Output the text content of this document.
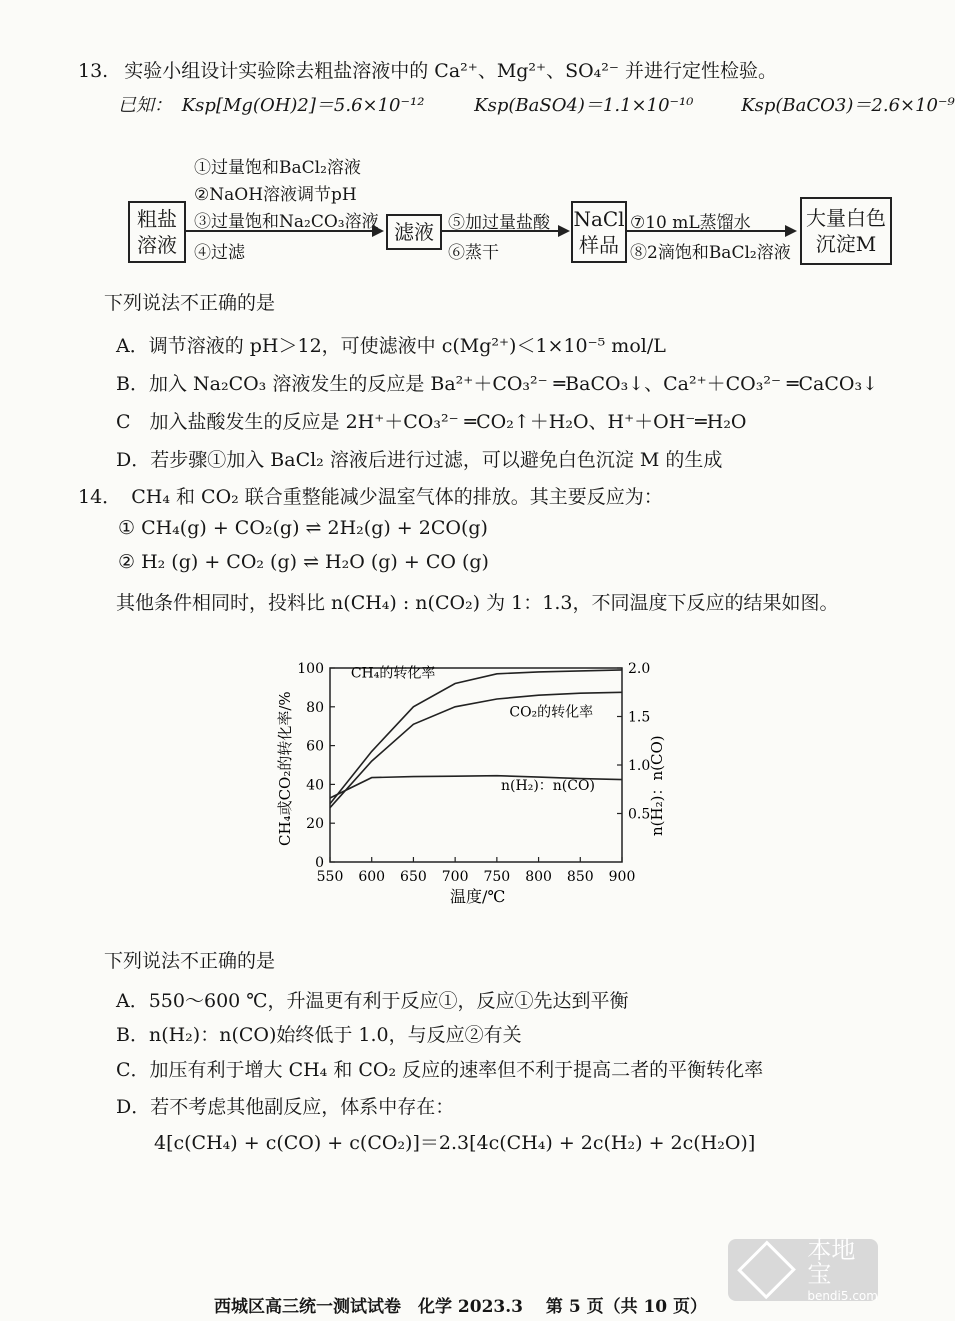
13. 实验小组设计实验除去粗盐溶液中的 Ca²⁺、Mg²⁺、SO₄²⁻ 并进行定性检验。
已知： Ksp[Mg(OH)2]＝5.6×10⁻¹²	Ksp(BaSO4)＝1.1×10⁻¹⁰	Ksp(BaCO3)＝2.6×10⁻⁹
粗盐
溶液
①过量饱和BaCl₂溶液
②NaOH溶液调节pH
③过量饱和Na₂CO₃溶液
④过滤
滤液 ⑤加过量盐酸
⑥蒸干
NaCl
样品
⑦10 mL蒸馏水
⑧2滴饱和BaCl₂溶液
大量白色
沉淀M
下列说法不正确的是
A．调节溶液的 pH＞12，可使滤液中 c(Mg²⁺)＜1×10⁻⁵ mol/L
B．加入 Na₂CO₃ 溶液发生的反应是 Ba²⁺＋CO₃²⁻ ═BaCO₃↓、Ca²⁺＋CO₃²⁻ ═CaCO₃↓
C　加入盐酸发生的反应是 2H⁺＋CO₃²⁻ ═CO₂↑＋H₂O、H⁺＋OH⁻═H₂O
D．若步骤①加入 BaCl₂ 溶液后进行过滤，可以避免白色沉淀 M 的生成
14． CH₄ 和 CO₂ 联合重整能减少温室气体的排放。其主要反应为：
① CH₄(g) + CO₂(g) ⇌ 2H₂(g) + 2CO(g)
② H₂ (g) + CO₂ (g) ⇌ H₂O (g) + CO (g)
其他条件相同时，投料比 n(CH₄) : n(CO₂) 为 1：1.3，不同温度下反应的结果如图。
CH₄或CO₂的转化率/%	n(H₂)：n(CO)
温度/℃
550 600 650 700 750 800 850 900
0
20
40
60
80
100
0.5
1.0
1.5
2.0
CH₄的转化率
CO₂的转化率
n(H₂)：n(CO)
下列说法不正确的是
A．550～600 ℃，升温更有利于反应①，反应①先达到平衡
B．n(H₂)：n(CO)始终低于 1.0，与反应②有关
C．加压有利于增大 CH₄ 和 CO₂ 反应的速率但不利于提高二者的平衡转化率
D．若不考虑其他副反应，体系中存在：
4[c(CH₄) + c(CO) + c(CO₂)]＝2.3[4c(CH₄) + 2c(H₂) + 2c(H₂O)]
西城区高三统一测试试卷　化学 2023.3　 第 5 页（共 10 页）
本地宝
bendi5.com
